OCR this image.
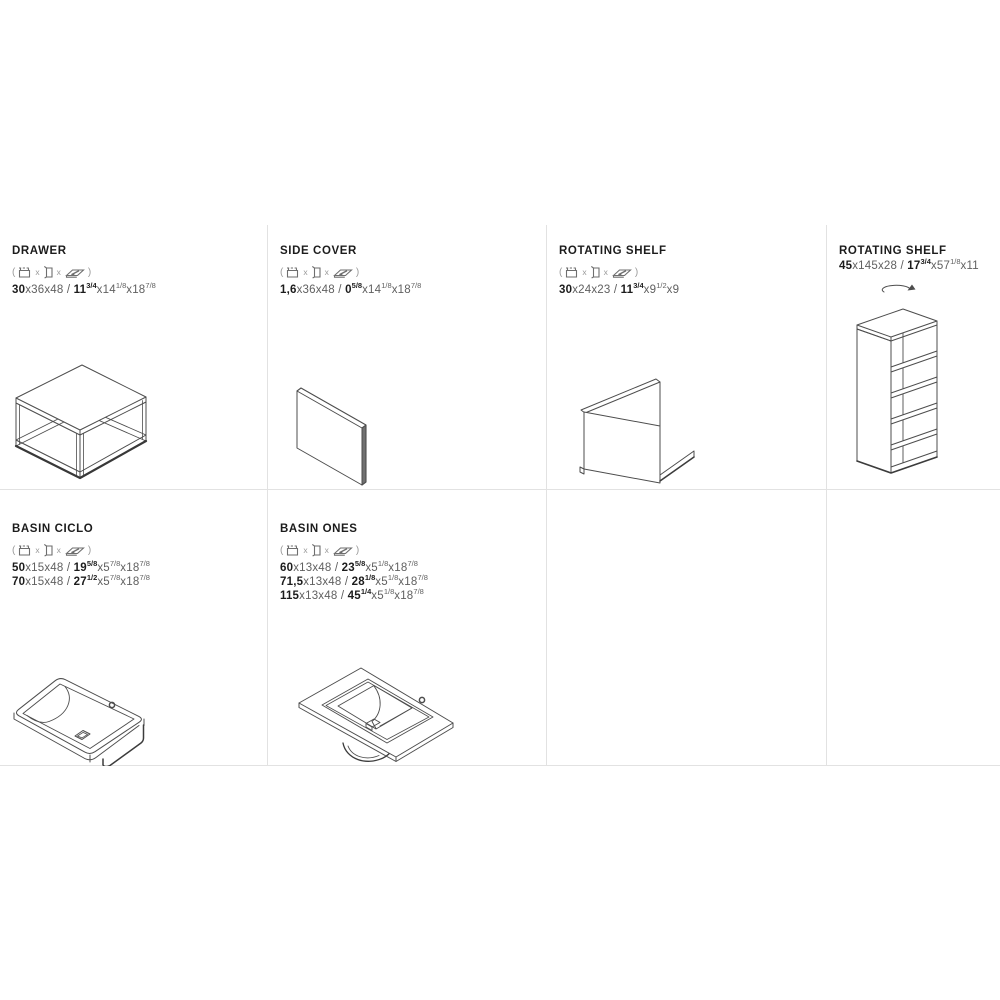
DRAWER
( x x	)
$30x36x48 / 11^{3/4}x14^{1/8}x18^{7/8}$
SIDE COVER
( x x	)
$1,6x36x48 / 0^{5/8}x14^{1/8}x18^{7/8}$
ROTATING SHELF
( x x	)
$30x24x23 / 11^{3/4}x9^{1/2}x9$
ROTATING SHELF
$45x145x28 / 17^{3/4}x57^{1/8}x11$
BASIN CICLO
( x x	)
$50x15x48 / 19^{5/8}x5^{7/8}x18^{7/8}$
$70x15x48 / 27^{1/2}x5^{7/8}x18^{7/8}$
BASIN ONES
( x x	)
$60x13x48 / 23^{5/8}x5^{1/8}x18^{7/8}$
$71,5x13x48 / 28^{1/8}x5^{1/8}x18^{7/8}$
$115x13x48 / 45^{1/4}x5^{1/8}x18^{7/8}$
